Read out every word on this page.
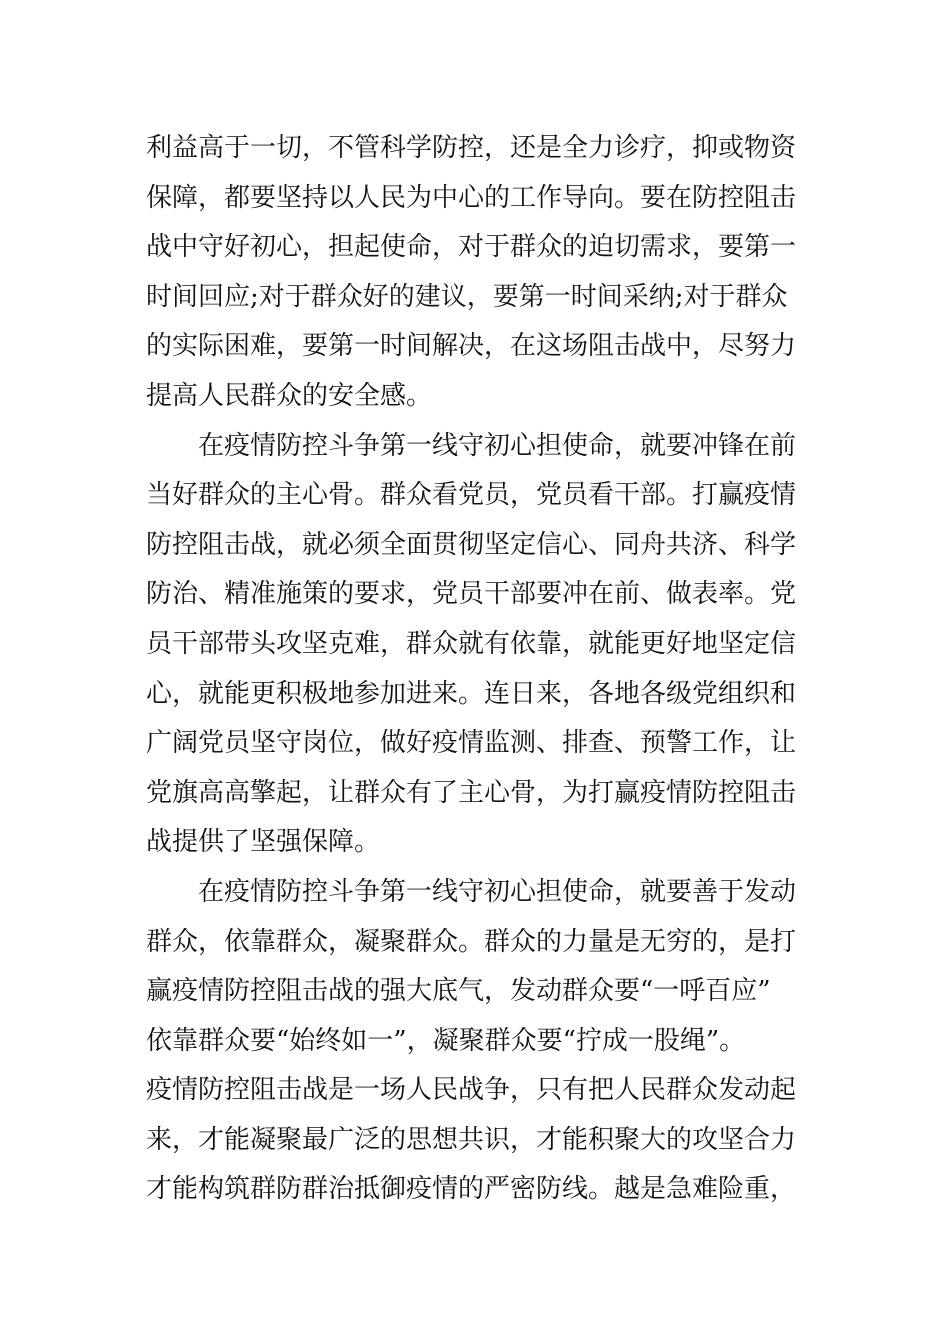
利益高于一切，不管科学防控，还是全力诊疗，抑或物资
保障，都要坚持以人民为中心的工作导向。要在防控阻击
战中守好初心，担起使命，对于群众的迫切需求，要第一
时间回应;对于群众好的建议，要第一时间采纳;对于群众
的实际困难，要第一时间解决，在这场阻击战中，尽努力
提高人民群众的安全感。
　　在疫情防控斗争第一线守初心担使命，就要冲锋在前
当好群众的主心骨。群众看党员，党员看干部。打赢疫情
防控阻击战，就必须全面贯彻坚定信心、同舟共济、科学
防治、精准施策的要求，党员干部要冲在前、做表率。党
员干部带头攻坚克难，群众就有依靠，就能更好地坚定信
心，就能更积极地参加进来。连日来，各地各级党组织和
广阔党员坚守岗位，做好疫情监测、排查、预警工作，让
党旗高高擎起，让群众有了主心骨，为打赢疫情防控阻击
战提供了坚强保障。
　　在疫情防控斗争第一线守初心担使命，就要善于发动
群众，依靠群众，凝聚群众。群众的力量是无穷的，是打
赢疫情防控阻击战的强大底气，发动群众要“一呼百应”
依靠群众要“始终如一”，凝聚群众要“拧成一股绳”。
疫情防控阻击战是一场人民战争，只有把人民群众发动起
来，才能凝聚最广泛的思想共识，才能积聚大的攻坚合力
才能构筑群防群治抵御疫情的严密防线。越是急难险重，
